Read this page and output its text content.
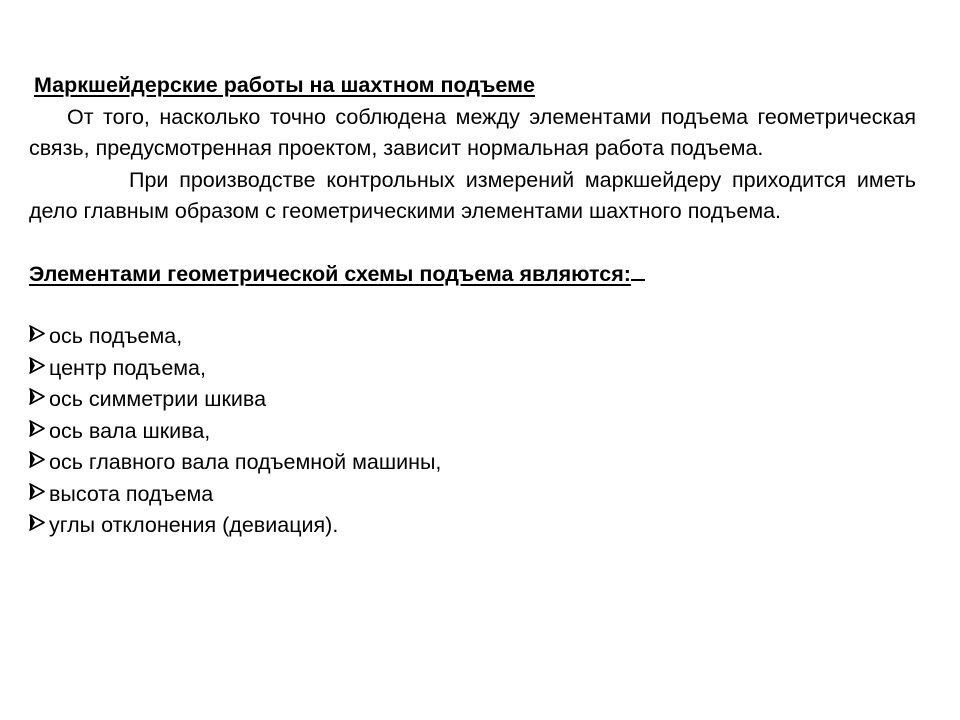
Маркшейдерские работы на шахтном подъеме

От того, насколько точно соблюдена между элементами подъема геометрическая связь, предусмотренная проектом, зависит нормальная работа подъема.

При производстве контрольных измерений маркшейдеру приходится иметь дело главным образом с геометрическими элементами шахтного подъема.

Элементами геометрической схемы подъема являются:

ось подъема,
центр подъема,
ось симметрии шкива
ось вала шкива,
ось главного вала подъемной машины,
высота подъема
углы отклонения (девиация).
